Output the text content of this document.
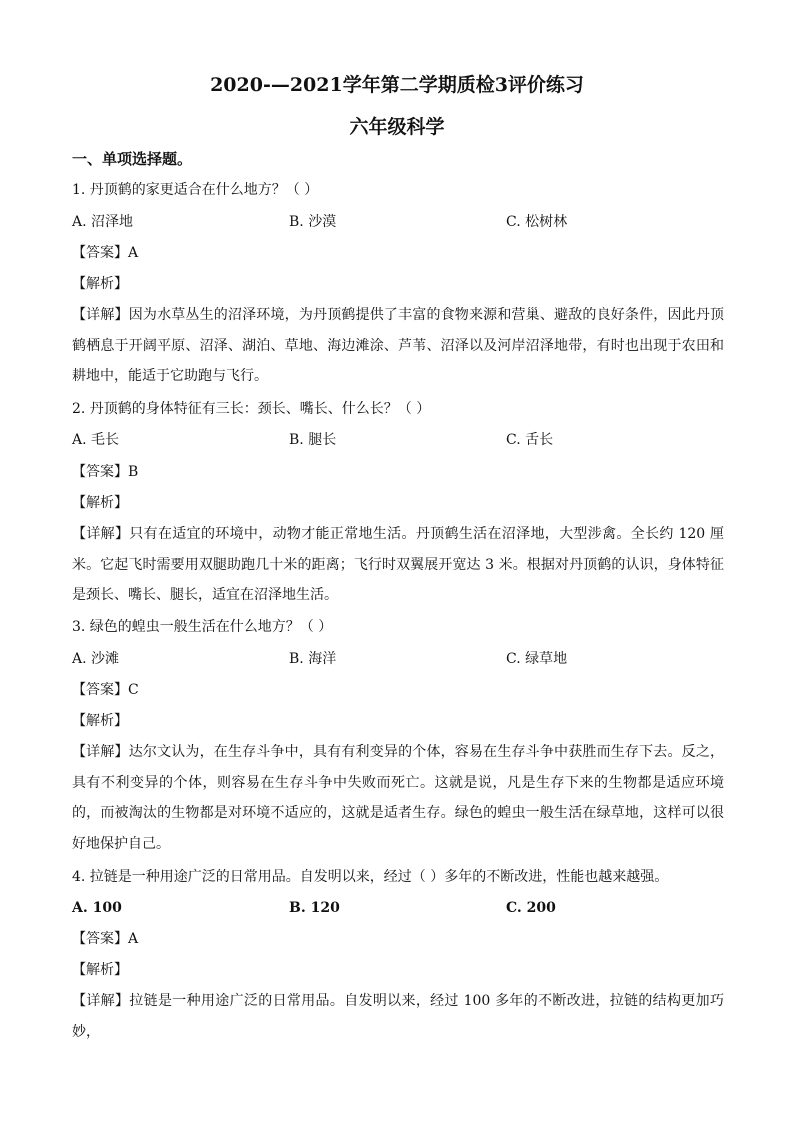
2020-—2021学年第二学期质检3评价练习
六年级科学
一、单项选择题。
1. 丹顶鹤的家更适合在什么地方？（ ）
A. 沼泽地	B. 沙漠	C. 松树林
【答案】A
【解析】
【详解】因为水草丛生的沼泽环境，为丹顶鹤提供了丰富的食物来源和营巢、避敌的良好条件，因此丹顶鹤栖息于开阔平原、沼泽、湖泊、草地、海边滩涂、芦苇、沼泽以及河岸沼泽地带，有时也出现于农田和耕地中，能适于它助跑与飞行。
2. 丹顶鹤的身体特征有三长：颈长、嘴长、什么长？（ ）
A. 毛长	B. 腿长	C. 舌长
【答案】B
【解析】
【详解】只有在适宜的环境中，动物才能正常地生活。丹顶鹤生活在沼泽地，大型涉禽。全长约 120 厘米。它起飞时需要用双腿助跑几十米的距离；飞行时双翼展开宽达 3 米。根据对丹顶鹤的认识，身体特征是颈长、嘴长、腿长，适宜在沼泽地生活。
3. 绿色的蝗虫一般生活在什么地方？（ ）
A. 沙滩	B. 海洋	C. 绿草地
【答案】C
【解析】
【详解】达尔文认为，在生存斗争中，具有有利变异的个体，容易在生存斗争中获胜而生存下去。反之，具有不利变异的个体，则容易在生存斗争中失败而死亡。这就是说，凡是生存下来的生物都是适应环境的，而被淘汰的生物都是对环境不适应的，这就是适者生存。绿色的蝗虫一般生活在绿草地，这样可以很好地保护自己。
4. 拉链是一种用途广泛的日常用品。自发明以来，经过（ ）多年的不断改进，性能也越来越强。
A. 100	B. 120	C. 200
【答案】A
【解析】
【详解】拉链是一种用途广泛的日常用品。自发明以来，经过 100 多年的不断改进，拉链的结构更加巧妙，
